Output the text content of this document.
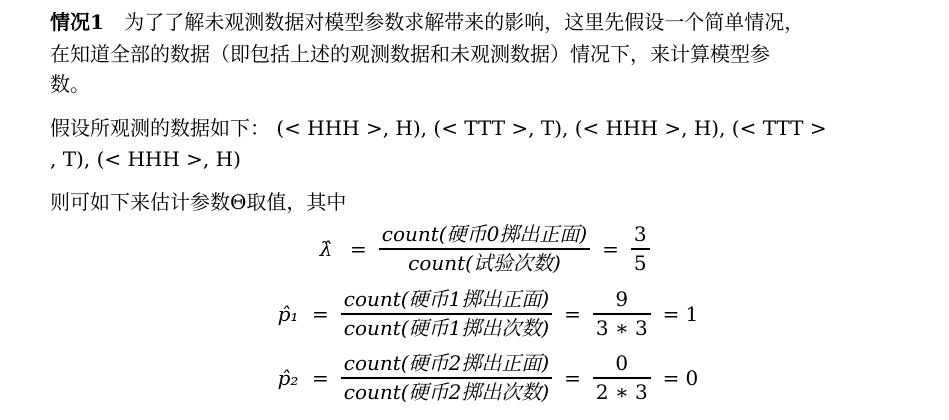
情况1 为了了解未观测数据对模型参数求解带来的影响，这里先假设一个简单情况，
在知道全部的数据（即包括上述的观测数据和未观测数据）情况下，来计算模型参
数。
假设所观测的数据如下： (< HHH >, H), (< TTT >, T), (< HHH >, H), (< TTT >
, T), (< HHH >, H)
则可如下来估计参数Θ取值，其中
λ̂ = $\frac{\text{count(硬币0掷出正面)}}{\text{count(试验次数)}} = \frac{3}{5}$
p̂₁ = $\frac{\text{count(硬币1掷出正面)}}{\text{count(硬币1掷出次数)}} = \frac{9}{3 ∗ 3} = 1$
p̂₂ = $\frac{\text{count(硬币2掷出正面)}}{\text{count(硬币2掷出次数)}} = \frac{0}{2 ∗ 3} = 0$
